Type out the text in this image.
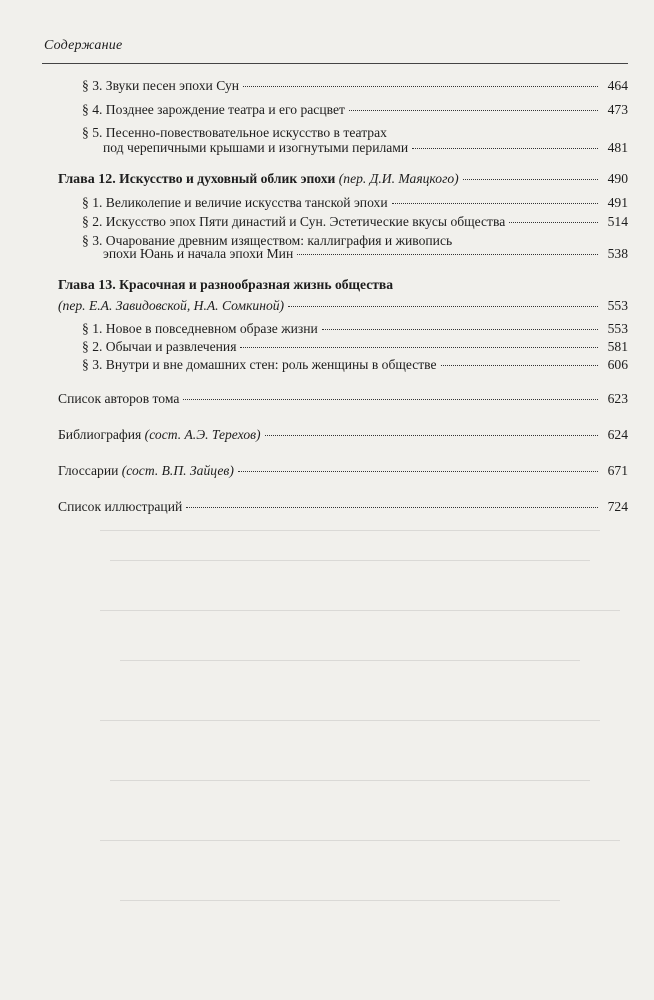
Содержание
§ 3. Звуки песен эпохи Сун	464
§ 4. Позднее зарождение театра и его расцвет	473
§ 5. Песенно-повествовательное искусство в театрах
под черепичными крышами и изогнутыми перилами	481
Глава 12. Искусство и духовный облик эпохи (пер. Д.И. Маяцкого)	490
§ 1. Великолепие и величие искусства танской эпохи	491
§ 2. Искусство эпох Пяти династий и Сун. Эстетические вкусы общества	514
§ 3. Очарование древним изяществом: каллиграфия и живопись
эпохи Юань и начала эпохи Мин	538
Глава 13. Красочная и разнообразная жизнь общества
(пер. Е.А. Завидовской, Н.А. Сомкиной)	553
§ 1. Новое в повседневном образе жизни	553
§ 2. Обычаи и развлечения	581
§ 3. Внутри и вне домашних стен: роль женщины в обществе	606
Список авторов тома	623
Библиография (сост. А.Э. Терехов)	624
Глоссарии (сост. В.П. Зайцев)	671
Список иллюстраций	724
